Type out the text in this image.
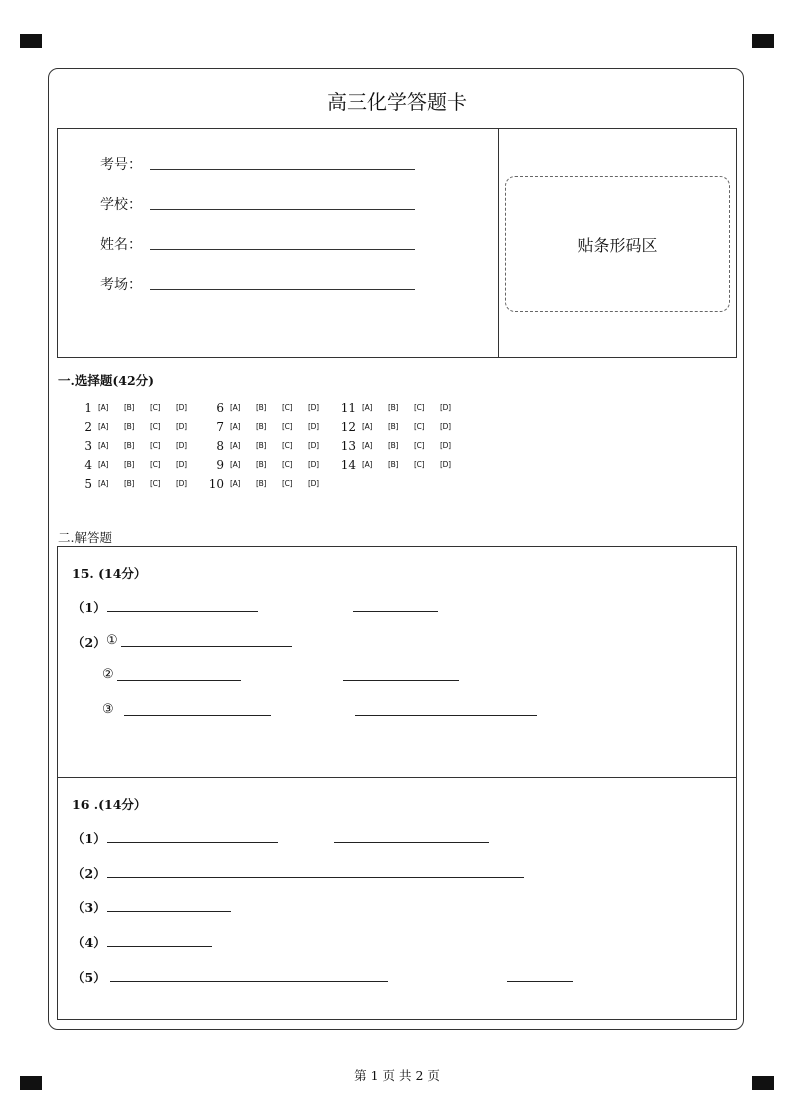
高三化学答题卡
考号：
学校：
姓名：
考场：
贴条形码区
一.选择题(42分)
1 [A] [B] [C] [D]
2 [A] [B] [C] [D]
3 [A] [B] [C] [D]
4 [A] [B] [C] [D]
5 [A] [B] [C] [D]
6 [A] [B] [C] [D]
7 [A] [B] [C] [D]
8 [A] [B] [C] [D]
9 [A] [B] [C] [D]
10 [A] [B] [C] [D]
11 [A] [B] [C] [D]
12 [A] [B] [C] [D]
13 [A] [B] [C] [D]
14 [A] [B] [C] [D]
二.解答题
15. (14分）
（1）
（2） ①
②
③
16 .(14分）
（1）
（2）
（3）
（4）
（5）
第 1 页 共 2 页
